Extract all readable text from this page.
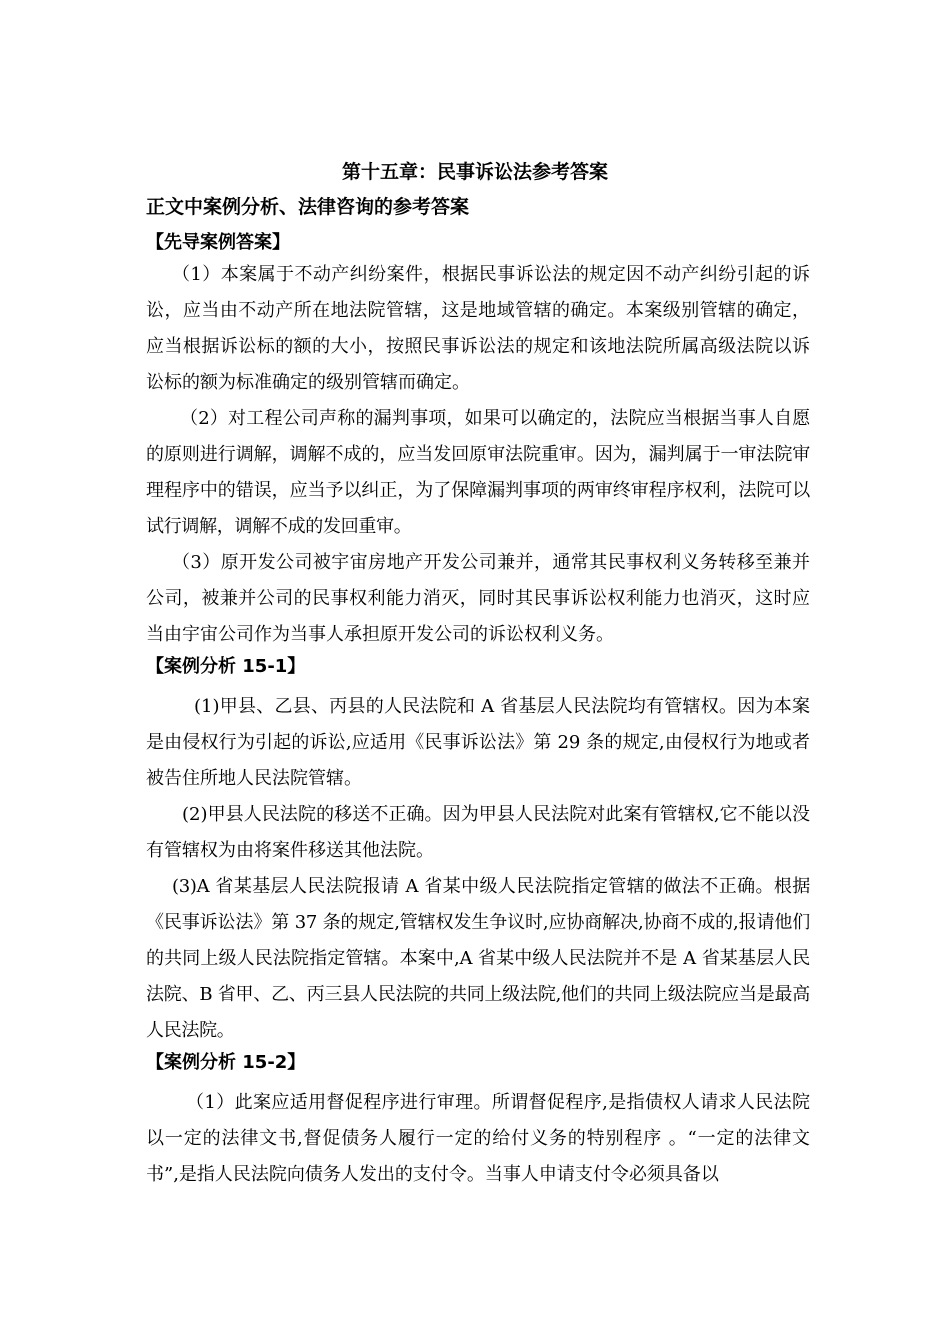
第十五章：民事诉讼法参考答案
正文中案例分析、法律咨询的参考答案
【先导案例答案】

（1）本案属于不动产纠纷案件，根据民事诉讼法的规定因不动产纠纷引起的诉讼，应当由不动产所在地法院管辖，这是地域管辖的确定。本案级别管辖的确定，应当根据诉讼标的额的大小，按照民事诉讼法的规定和该地法院所属高级法院以诉讼标的额为标准确定的级别管辖而确定。

（2）对工程公司声称的漏判事项，如果可以确定的，法院应当根据当事人自愿的原则进行调解，调解不成的，应当发回原审法院重审。因为，漏判属于一审法院审理程序中的错误，应当予以纠正，为了保障漏判事项的两审终审程序权利，法院可以试行调解，调解不成的发回重审。

（3）原开发公司被宇宙房地产开发公司兼并，通常其民事权利义务转移至兼并公司，被兼并公司的民事权利能力消灭，同时其民事诉讼权利能力也消灭，这时应当由宇宙公司作为当事人承担原开发公司的诉讼权利义务。

【案例分析 15-1】

(1)甲县、乙县、丙县的人民法院和 A 省基层人民法院均有管辖权。因为本案是由侵权行为引起的诉讼,应适用《民事诉讼法》第 29 条的规定,由侵权行为地或者被告住所地人民法院管辖。

(2)甲县人民法院的移送不正确。因为甲县人民法院对此案有管辖权,它不能以没有管辖权为由将案件移送其他法院。

(3)A 省某基层人民法院报请 A 省某中级人民法院指定管辖的做法不正确。根据《民事诉讼法》第 37 条的规定,管辖权发生争议时,应协商解决,协商不成的,报请他们的共同上级人民法院指定管辖。本案中,A 省某中级人民法院并不是 A 省某基层人民法院、B 省甲、乙、丙三县人民法院的共同上级法院,他们的共同上级法院应当是最高人民法院。

【案例分析 15-2】

（1）此案应适用督促程序进行审理。所谓督促程序,是指债权人请求人民法院以一定的法律文书,督促债务人履行一定的给付义务的特别程序 。“一定的法律文书”,是指人民法院向债务人发出的支付令。当事人申请支付令必须具备以
